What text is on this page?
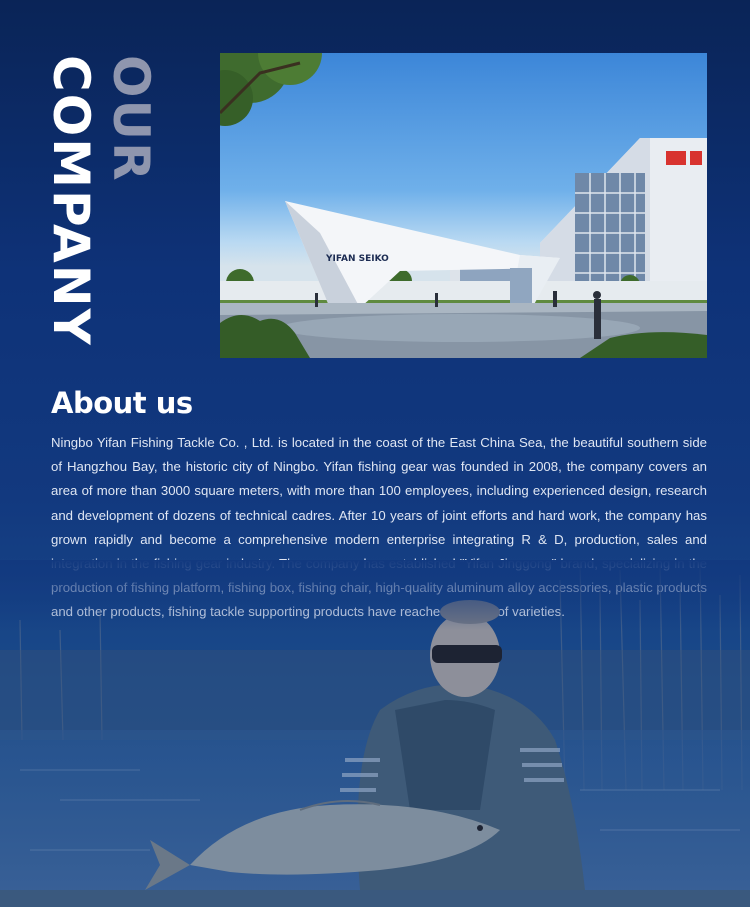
COMPANY OUR
YIFAN SEIKO
About us
Ningbo Yifan Fishing Tackle Co. , Ltd. is located in the coast of the East China Sea, the beautiful southern side of Hangzhou Bay, the historic city of Ningbo. Yifan fishing gear was founded in 2008, the company covers an area of more than 3000 square meters, with more than 100 employees, including experienced design, research and development of dozens of technical cadres. After 10 years of joint efforts and hard work, the company has grown rapidly and become a comprehensive modern enterprise integrating R & D, production, sales and
